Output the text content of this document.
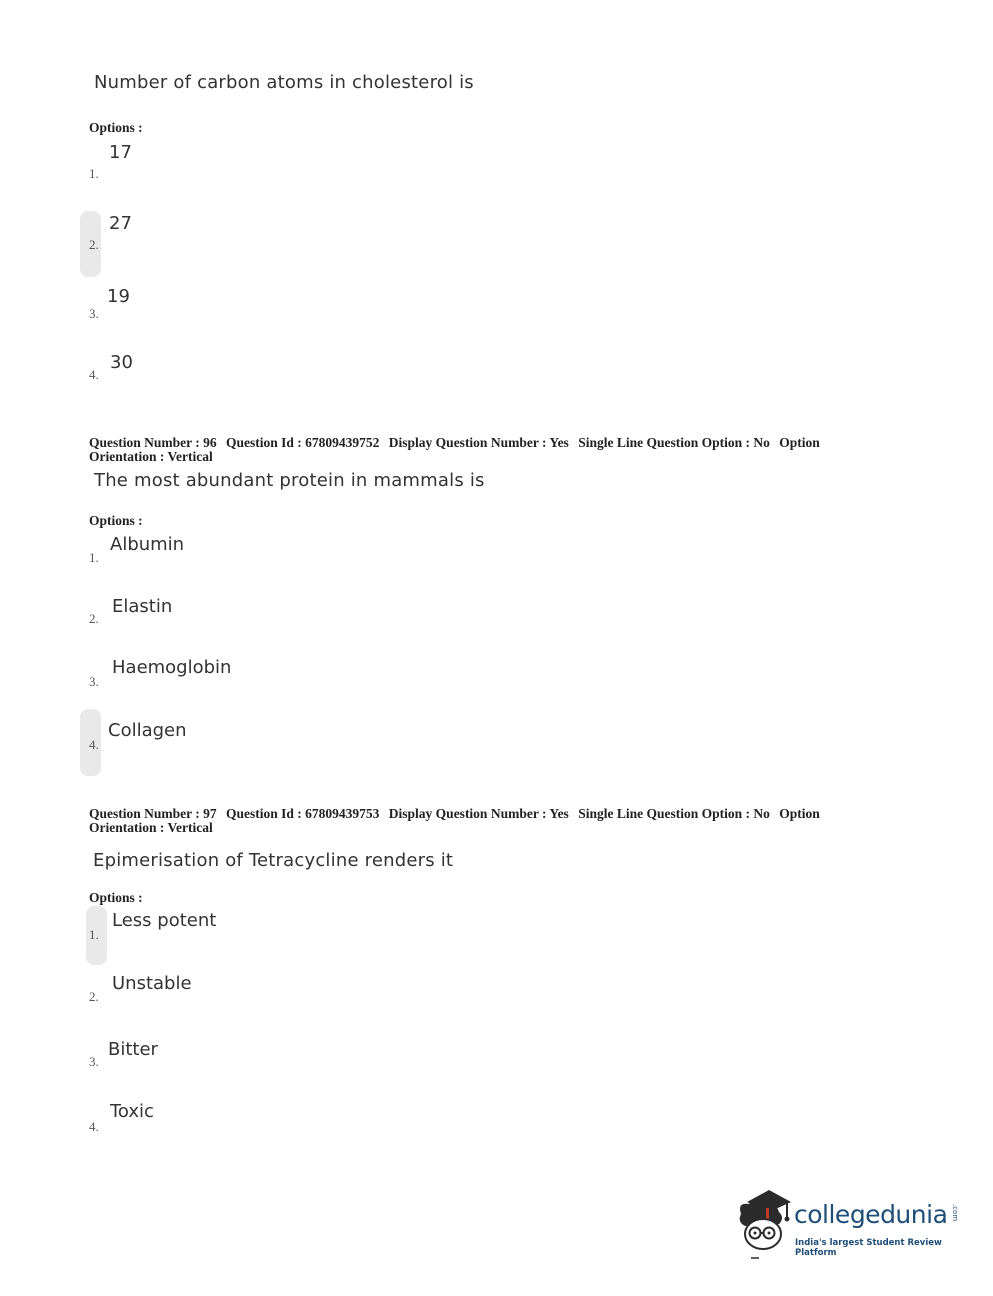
Number of carbon atoms in cholesterol is
Options :
1.
17
2.
27
3.
19
4.
30
Question Number : 96 Question Id : 67809439752 Display Question Number : Yes Single Line Question Option : No Option
Orientation : Vertical
The most abundant protein in mammals is
Options :
1.
Albumin
2.
Elastin
3.
Haemoglobin
4.
Collagen
Question Number : 97 Question Id : 67809439753 Display Question Number : Yes Single Line Question Option : No Option
Orientation : Vertical
Epimerisation of Tetracycline renders it
Options :
1.
Less potent
2.
Unstable
3.
Bitter
4.
Toxic
collegedunia .com
India's largest Student Review Platform
